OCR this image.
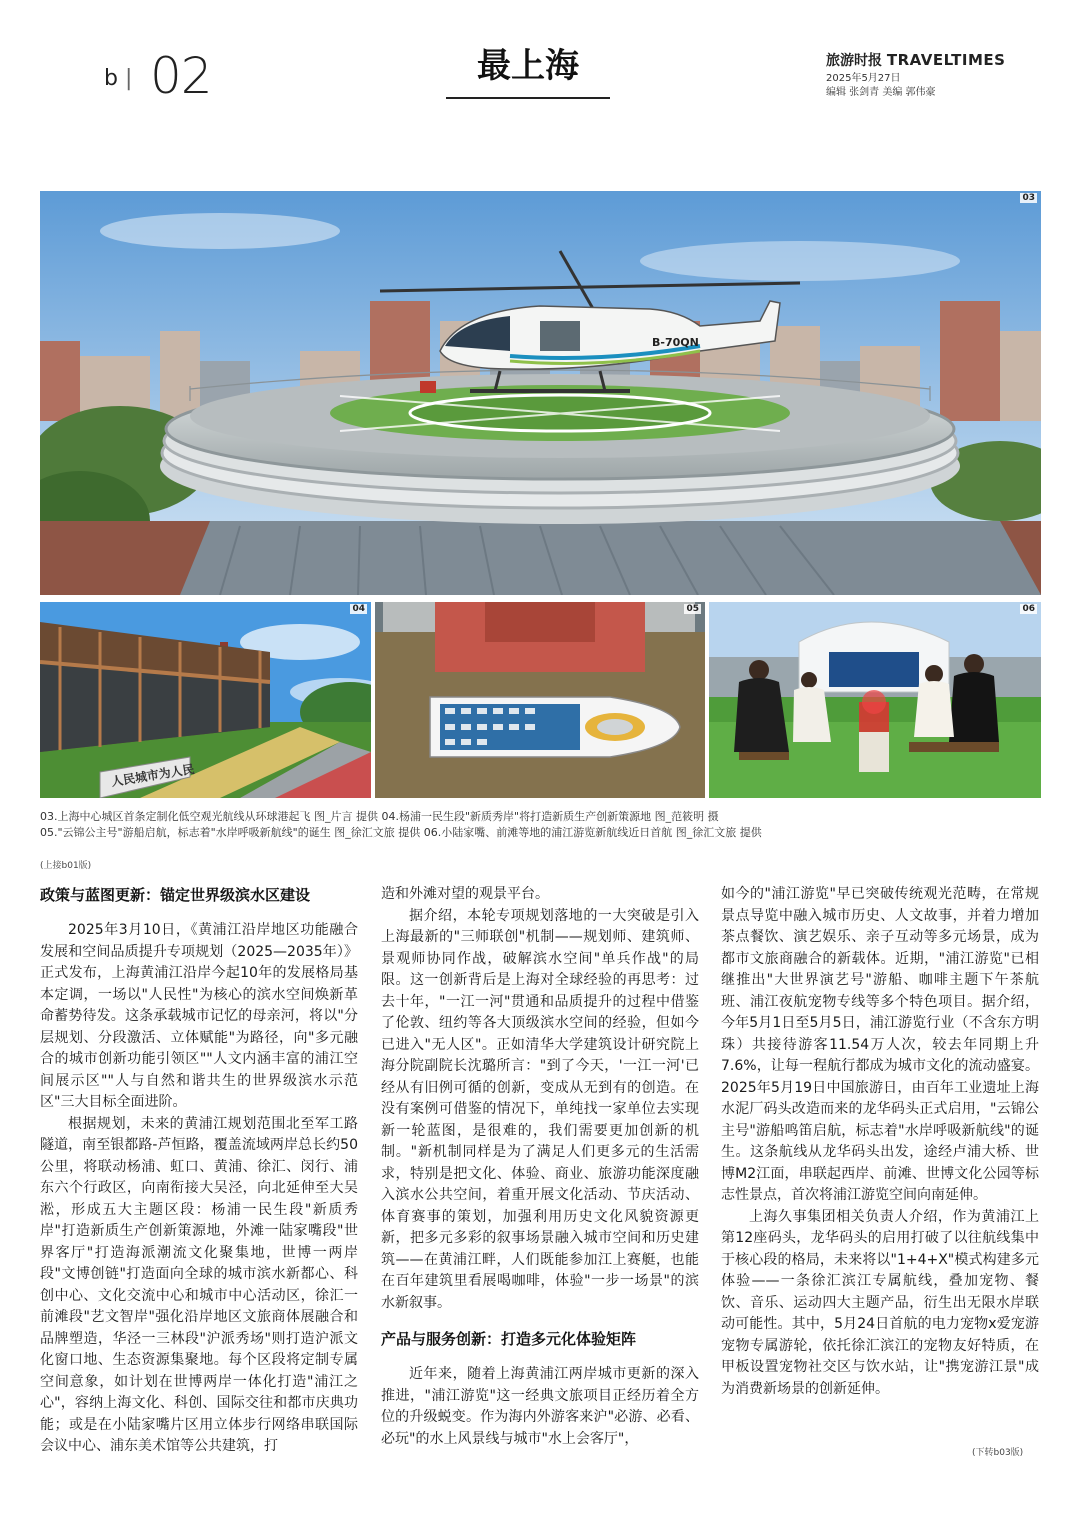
b | 02	最上海	旅游时报 TRAVELTIMES
2025年5月27日
编辑 张剑青 美编 郭伟豪
B-70QN
03
人民城市为人民
04	05	06
03.上海中心城区首条定制化低空观光航线从环球港起飞 图_片言 提供 04.杨浦一民生段"新质秀岸"将打造新质生产创新策源地 图_范筱明 摄
05."云锦公主号"游船启航，标志着"水岸呼吸新航线"的诞生 图_徐汇文旅 提供 06.小陆家嘴、前滩等地的浦江游览新航线近日首航 图_徐汇文旅 提供
(上接b01版)
政策与蓝图更新：锚定世界级滨水区建设

2025年3月10日，《黄浦江沿岸地区功能融合发展和空间品质提升专项规划（2025—2035年）》正式发布，上海黄浦江沿岸今起10年的发展格局基本定调，一场以"人民性"为核心的滨水空间焕新革命蓄势待发。这条承载城市记忆的母亲河，将以"分层规划、分段激活、立体赋能"为路径，向"多元融合的城市创新功能引领区""人文内涵丰富的浦江空间展示区""人与自然和谐共生的世界级滨水示范区"三大目标全面进阶。

根据规划，未来的黄浦江规划范围北至军工路隧道，南至银都路-芦恒路，覆盖流域两岸总长约50公里，将联动杨浦、虹口、黄浦、徐汇、闵行、浦东六个行政区，向南衔接大吴泾，向北延伸至大吴淞，形成五大主题区段：杨浦一民生段"新质秀岸"打造新质生产创新策源地，外滩一陆家嘴段"世界客厅"打造海派潮流文化聚集地，世博一两岸段"文博创链"打造面向全球的城市滨水新都心、科创中心、文化交流中心和城市中心活动区，徐汇一前滩段"艺文智岸"强化沿岸地区文旅商体展融合和品牌塑造，华泾一三林段"沪派秀场"则打造沪派文化窗口地、生态资源集聚地。每个区段将定制专属空间意象，如计划在世博两岸一体化打造"浦江之心"，容纳上海文化、科创、国际交往和都市庆典功能；或是在小陆家嘴片区用立体步行网络串联国际会议中心、浦东美术馆等公共建筑，打

造和外滩对望的观景平台。

据介绍，本轮专项规划落地的一大突破是引入上海最新的"三师联创"机制——规划师、建筑师、景观师协同作战，破解滨水空间"单兵作战"的局限。这一创新背后是上海对全球经验的再思考：过去十年，"一江一河"贯通和品质提升的过程中借鉴了伦敦、纽约等各大顶级滨水空间的经验，但如今已进入"无人区"。正如清华大学建筑设计研究院上海分院副院长沈璐所言："到了今天，'一江一河'已经从有旧例可循的创新，变成从无到有的创造。在没有案例可借鉴的情况下，单纯找一家单位去实现新一轮蓝图，是很难的，我们需要更加创新的机制。"新机制同样是为了满足人们更多元的生活需求，特别是把文化、体验、商业、旅游功能深度融入滨水公共空间，着重开展文化活动、节庆活动、体育赛事的策划，加强利用历史文化风貌资源更新，把多元多彩的叙事场景融入城市空间和历史建筑——在黄浦江畔，人们既能参加江上赛艇，也能在百年建筑里看展喝咖啡，体验"一步一场景"的滨水新叙事。

产品与服务创新：打造多元化体验矩阵

近年来，随着上海黄浦江两岸城市更新的深入推进，"浦江游览"这一经典文旅项目正经历着全方位的升级蜕变。作为海内外游客来沪"必游、必看、必玩"的水上风景线与城市"水上会客厅"，

如今的"浦江游览"早已突破传统观光范畴，在常规景点导览中融入城市历史、人文故事，并着力增加茶点餐饮、演艺娱乐、亲子互动等多元场景，成为都市文旅商融合的新载体。近期，"浦江游览"已相继推出"大世界演艺号"游船、咖啡主题下午茶航班、浦江夜航宠物专线等多个特色项目。据介绍，今年5月1日至5月5日，浦江游览行业（不含东方明珠）共接待游客11.54万人次，较去年同期上升7.6%，让每一程航行都成为城市文化的流动盛宴。2025年5月19日中国旅游日，由百年工业遗址上海水泥厂码头改造而来的龙华码头正式启用，"云锦公主号"游船鸣笛启航，标志着"水岸呼吸新航线"的诞生。这条航线从龙华码头出发，途经卢浦大桥、世博M2江面，串联起西岸、前滩、世博文化公园等标志性景点，首次将浦江游览空间向南延伸。

上海久事集团相关负责人介绍，作为黄浦江上第12座码头，龙华码头的启用打破了以往航线集中于核心段的格局，未来将以"1+4+X"模式构建多元体验——一条徐汇滨江专属航线，叠加宠物、餐饮、音乐、运动四大主题产品，衍生出无限水岸联动可能性。其中，5月24日首航的电力宠物x爱宠游宠物专属游轮，依托徐汇滨江的宠物友好特质，在甲板设置宠物社交区与饮水站，让"携宠游江景"成为消费新场景的创新延伸。

(下转b03版)
